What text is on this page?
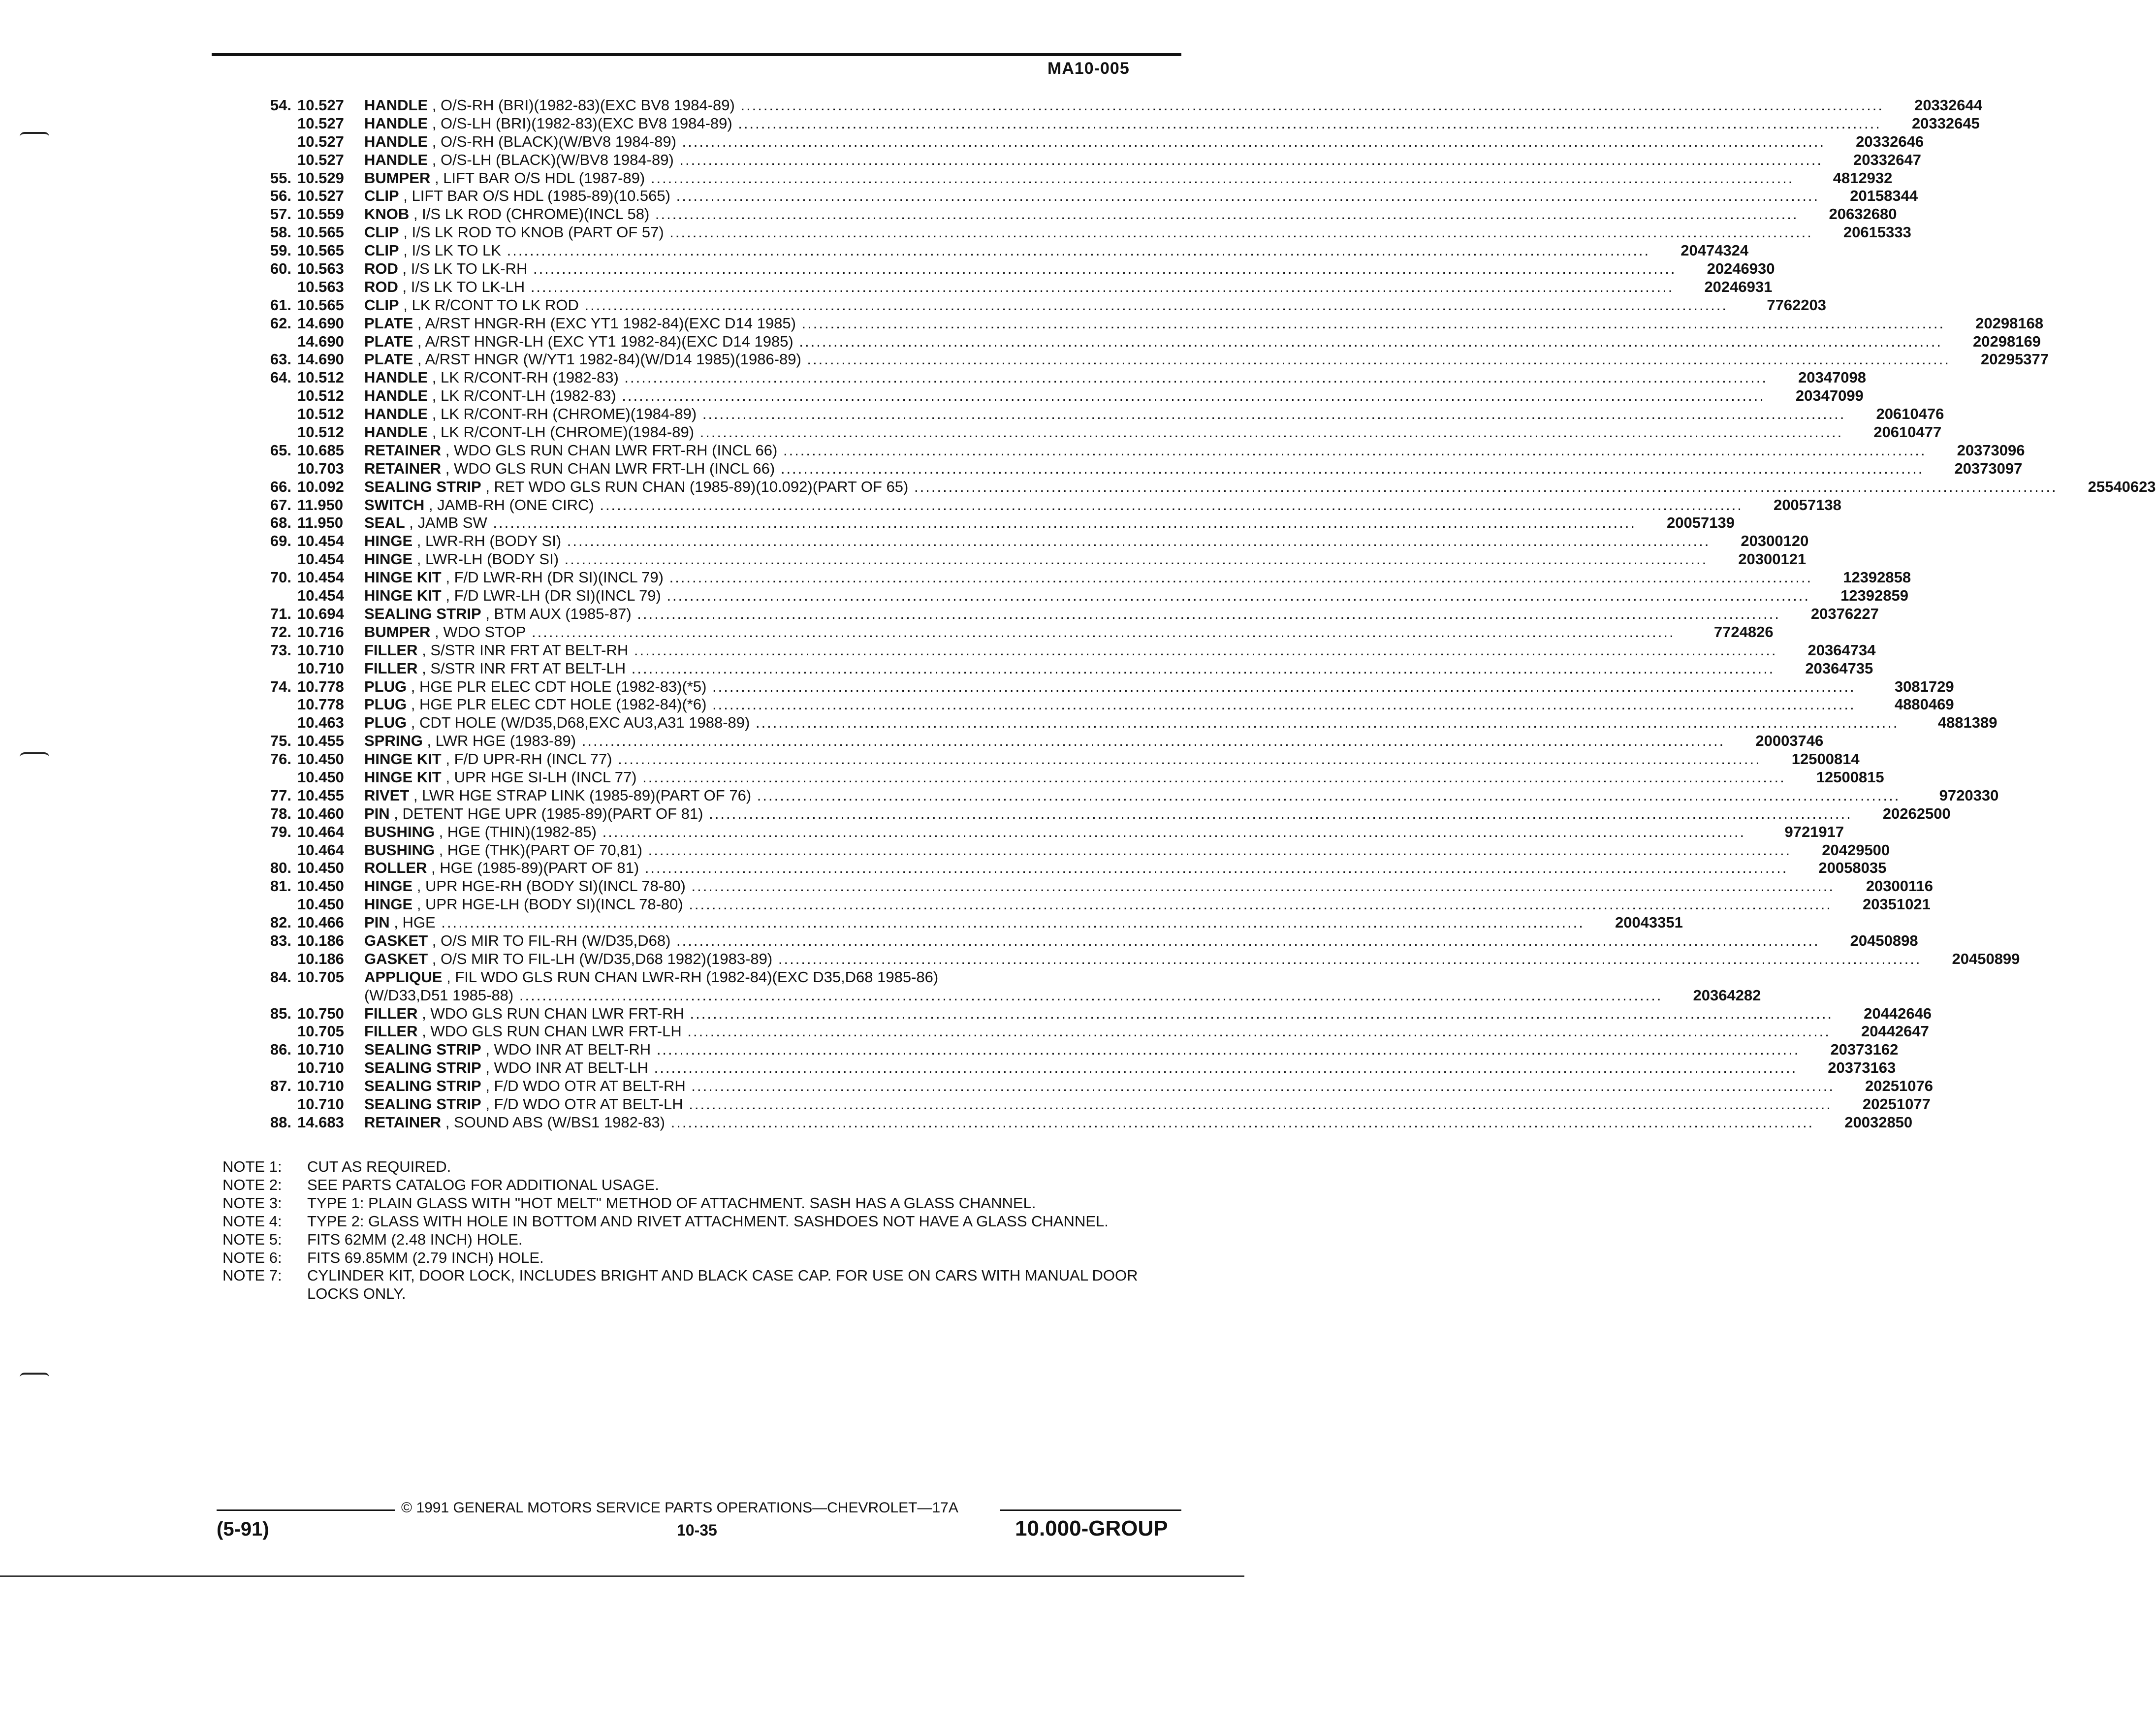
MA10-005
54. 10.527	HANDLE , O/S-RH (BRI)(1982-83)(EXC BV8 1984-89) ........................................................................................................................................................................................................	20332644
10.527	HANDLE , O/S-LH (BRI)(1982-83)(EXC BV8 1984-89) ........................................................................................................................................................................................................	20332645
10.527	HANDLE , O/S-RH (BLACK)(W/BV8 1984-89) ........................................................................................................................................................................................................	20332646
10.527	HANDLE , O/S-LH (BLACK)(W/BV8 1984-89) ........................................................................................................................................................................................................	20332647
55. 10.529	BUMPER , LIFT BAR O/S HDL (1987-89) ........................................................................................................................................................................................................	4812932
56. 10.527	CLIP , LIFT BAR O/S HDL (1985-89)(10.565) ........................................................................................................................................................................................................	20158344
57. 10.559	KNOB , I/S LK ROD (CHROME)(INCL 58) ........................................................................................................................................................................................................	20632680
58. 10.565	CLIP , I/S LK ROD TO KNOB (PART OF 57) ........................................................................................................................................................................................................	20615333
59. 10.565	CLIP , I/S LK TO LK ........................................................................................................................................................................................................	20474324
60. 10.563	ROD , I/S LK TO LK-RH ........................................................................................................................................................................................................	20246930
10.563	ROD , I/S LK TO LK-LH ........................................................................................................................................................................................................	20246931
61. 10.565	CLIP , LK R/CONT TO LK ROD ........................................................................................................................................................................................................	7762203
62. 14.690	PLATE , A/RST HNGR-RH (EXC YT1 1982-84)(EXC D14 1985) ........................................................................................................................................................................................................	20298168
14.690	PLATE , A/RST HNGR-LH (EXC YT1 1982-84)(EXC D14 1985) ........................................................................................................................................................................................................	20298169
63. 14.690	PLATE , A/RST HNGR (W/YT1 1982-84)(W/D14 1985)(1986-89) ........................................................................................................................................................................................................	20295377
64. 10.512	HANDLE , LK R/CONT-RH (1982-83) ........................................................................................................................................................................................................	20347098
10.512	HANDLE , LK R/CONT-LH (1982-83) ........................................................................................................................................................................................................	20347099
10.512	HANDLE , LK R/CONT-RH (CHROME)(1984-89) ........................................................................................................................................................................................................	20610476
10.512	HANDLE , LK R/CONT-LH (CHROME)(1984-89) ........................................................................................................................................................................................................	20610477
65. 10.685	RETAINER , WDO GLS RUN CHAN LWR FRT-RH (INCL 66) ........................................................................................................................................................................................................	20373096
10.703	RETAINER , WDO GLS RUN CHAN LWR FRT-LH (INCL 66) ........................................................................................................................................................................................................	20373097
66. 10.092	SEALING STRIP , RET WDO GLS RUN CHAN (1985-89)(10.092)(PART OF 65) ........................................................................................................................................................................................................	25540623
67. 11.950	SWITCH , JAMB-RH (ONE CIRC) ........................................................................................................................................................................................................	20057138
68. 11.950	SEAL , JAMB SW ........................................................................................................................................................................................................	20057139
69. 10.454	HINGE , LWR-RH (BODY SI) ........................................................................................................................................................................................................	20300120
10.454	HINGE , LWR-LH (BODY SI) ........................................................................................................................................................................................................	20300121
70. 10.454	HINGE KIT , F/D LWR-RH (DR SI)(INCL 79) ........................................................................................................................................................................................................	12392858
10.454	HINGE KIT , F/D LWR-LH (DR SI)(INCL 79) ........................................................................................................................................................................................................	12392859
71. 10.694	SEALING STRIP , BTM AUX (1985-87) ........................................................................................................................................................................................................	20376227
72. 10.716	BUMPER , WDO STOP ........................................................................................................................................................................................................	7724826
73. 10.710	FILLER , S/STR INR FRT AT BELT-RH ........................................................................................................................................................................................................	20364734
10.710	FILLER , S/STR INR FRT AT BELT-LH ........................................................................................................................................................................................................	20364735
74. 10.778	PLUG , HGE PLR ELEC CDT HOLE (1982-83)(*5) ........................................................................................................................................................................................................	3081729
10.778	PLUG , HGE PLR ELEC CDT HOLE (1982-84)(*6) ........................................................................................................................................................................................................	4880469
10.463	PLUG , CDT HOLE (W/D35,D68,EXC AU3,A31 1988-89) ........................................................................................................................................................................................................	4881389
75. 10.455	SPRING , LWR HGE (1983-89) ........................................................................................................................................................................................................	20003746
76. 10.450	HINGE KIT , F/D UPR-RH (INCL 77) ........................................................................................................................................................................................................	12500814
10.450	HINGE KIT , UPR HGE SI-LH (INCL 77) ........................................................................................................................................................................................................	12500815
77. 10.455	RIVET , LWR HGE STRAP LINK (1985-89)(PART OF 76) ........................................................................................................................................................................................................	9720330
78. 10.460	PIN , DETENT HGE UPR (1985-89)(PART OF 81) ........................................................................................................................................................................................................	20262500
79. 10.464	BUSHING , HGE (THIN)(1982-85) ........................................................................................................................................................................................................	9721917
10.464	BUSHING , HGE (THK)(PART OF 70,81) ........................................................................................................................................................................................................	20429500
80. 10.450	ROLLER , HGE (1985-89)(PART OF 81) ........................................................................................................................................................................................................	20058035
81. 10.450	HINGE , UPR HGE-RH (BODY SI)(INCL 78-80) ........................................................................................................................................................................................................	20300116
10.450	HINGE , UPR HGE-LH (BODY SI)(INCL 78-80) ........................................................................................................................................................................................................	20351021
82. 10.466	PIN , HGE ........................................................................................................................................................................................................	20043351
83. 10.186	GASKET , O/S MIR TO FIL-RH (W/D35,D68) ........................................................................................................................................................................................................	20450898
10.186	GASKET , O/S MIR TO FIL-LH (W/D35,D68 1982)(1983-89) ........................................................................................................................................................................................................	20450899
84. 10.705	APPLIQUE , FIL WDO GLS RUN CHAN LWR-RH (1982-84)(EXC D35,D68 1985-86)
(W/D33,D51 1985-88) ........................................................................................................................................................................................................	20364282
85. 10.750	FILLER , WDO GLS RUN CHAN LWR FRT-RH ........................................................................................................................................................................................................	20442646
10.705	FILLER , WDO GLS RUN CHAN LWR FRT-LH ........................................................................................................................................................................................................	20442647
86. 10.710	SEALING STRIP , WDO INR AT BELT-RH ........................................................................................................................................................................................................	20373162
10.710	SEALING STRIP , WDO INR AT BELT-LH ........................................................................................................................................................................................................	20373163
87. 10.710	SEALING STRIP , F/D WDO OTR AT BELT-RH ........................................................................................................................................................................................................	20251076
10.710	SEALING STRIP , F/D WDO OTR AT BELT-LH ........................................................................................................................................................................................................	20251077
88. 14.683	RETAINER , SOUND ABS (W/BS1 1982-83) ........................................................................................................................................................................................................	20032850
NOTE 1:	CUT AS REQUIRED.
NOTE 2:	SEE PARTS CATALOG FOR ADDITIONAL USAGE.
NOTE 3:	TYPE 1: PLAIN GLASS WITH "HOT MELT" METHOD OF ATTACHMENT. SASH HAS A GLASS CHANNEL.
NOTE 4:	TYPE 2: GLASS WITH HOLE IN BOTTOM AND RIVET ATTACHMENT. SASHDOES NOT HAVE A GLASS CHANNEL.
NOTE 5:	FITS 62MM (2.48 INCH) HOLE.
NOTE 6:	FITS 69.85MM (2.79 INCH) HOLE.
NOTE 7:	CYLINDER KIT, DOOR LOCK, INCLUDES BRIGHT AND BLACK CASE CAP. FOR USE ON CARS WITH MANUAL DOOR LOCKS ONLY.
© 1991 GENERAL MOTORS SERVICE PARTS OPERATIONS—CHEVROLET—17A
(5-91)	10-35	10.000-GROUP
